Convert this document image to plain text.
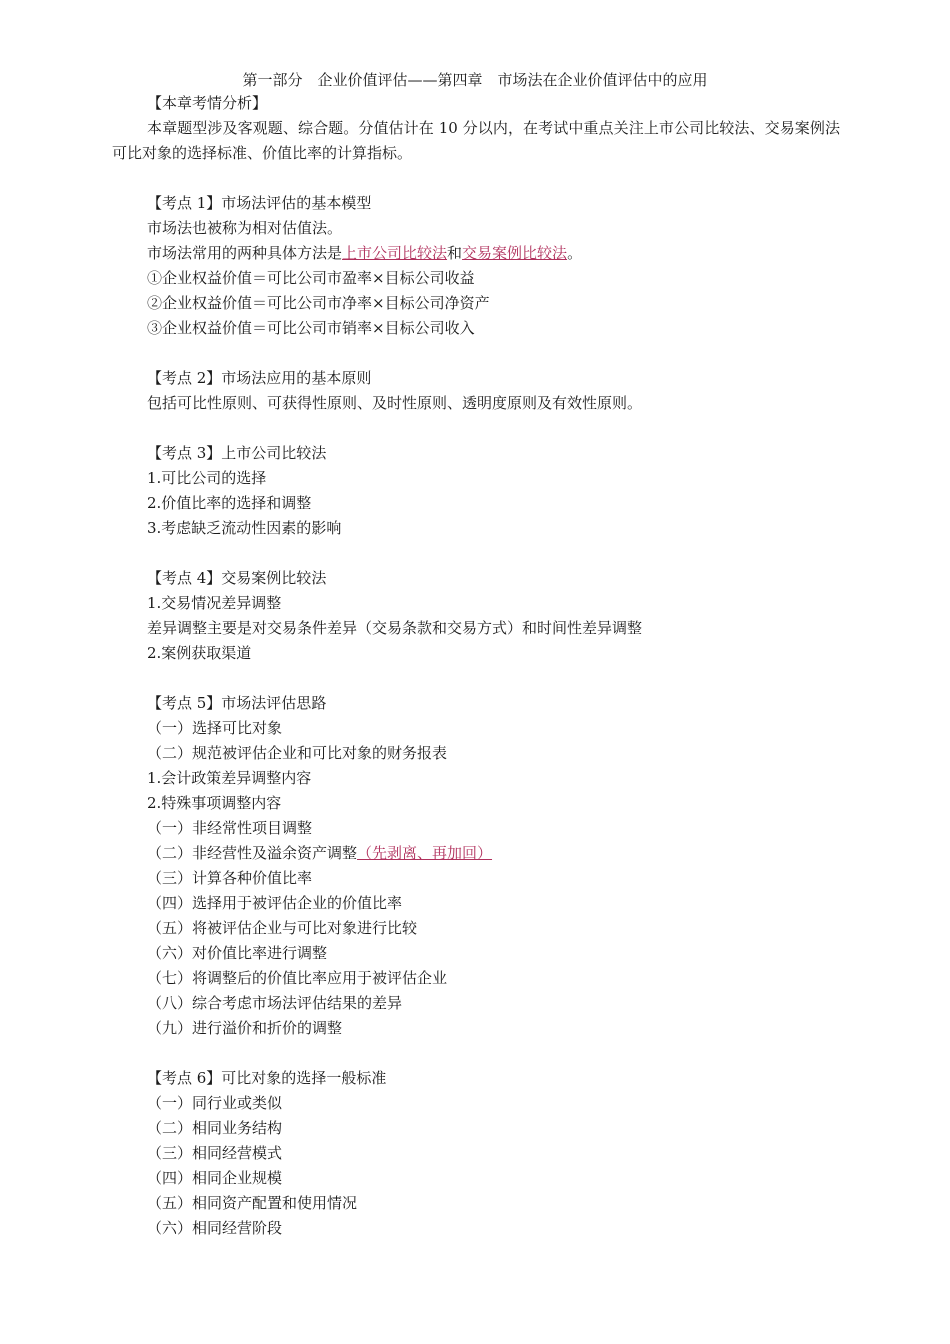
第一部分　企业价值评估——第四章　市场法在企业价值评估中的应用
【本章考情分析】
本章题型涉及客观题、综合题。分值估计在 10 分以内，在考试中重点关注上市公司比较法、交易案例法可比对象的选择标准、价值比率的计算指标。
【考点 1】市场法评估的基本模型
市场法也被称为相对估值法。
市场法常用的两种具体方法是上市公司比较法和交易案例比较法。
①企业权益价值＝可比公司市盈率×目标公司收益
②企业权益价值＝可比公司市净率×目标公司净资产
③企业权益价值＝可比公司市销率×目标公司收入
【考点 2】市场法应用的基本原则
包括可比性原则、可获得性原则、及时性原则、透明度原则及有效性原则。
【考点 3】上市公司比较法
1.可比公司的选择
2.价值比率的选择和调整
3.考虑缺乏流动性因素的影响
【考点 4】交易案例比较法
1.交易情况差异调整
差异调整主要是对交易条件差异（交易条款和交易方式）和时间性差异调整
2.案例获取渠道
【考点 5】市场法评估思路
（一）选择可比对象
（二）规范被评估企业和可比对象的财务报表
1.会计政策差异调整内容
2.特殊事项调整内容
（一）非经常性项目调整
（二）非经营性及溢余资产调整（先剥离、再加回）
（三）计算各种价值比率
（四）选择用于被评估企业的价值比率
（五）将被评估企业与可比对象进行比较
（六）对价值比率进行调整
（七）将调整后的价值比率应用于被评估企业
（八）综合考虑市场法评估结果的差异
（九）进行溢价和折价的调整
【考点 6】可比对象的选择一般标准
（一）同行业或类似
（二）相同业务结构
（三）相同经营模式
（四）相同企业规模
（五）相同资产配置和使用情况
（六）相同经营阶段
